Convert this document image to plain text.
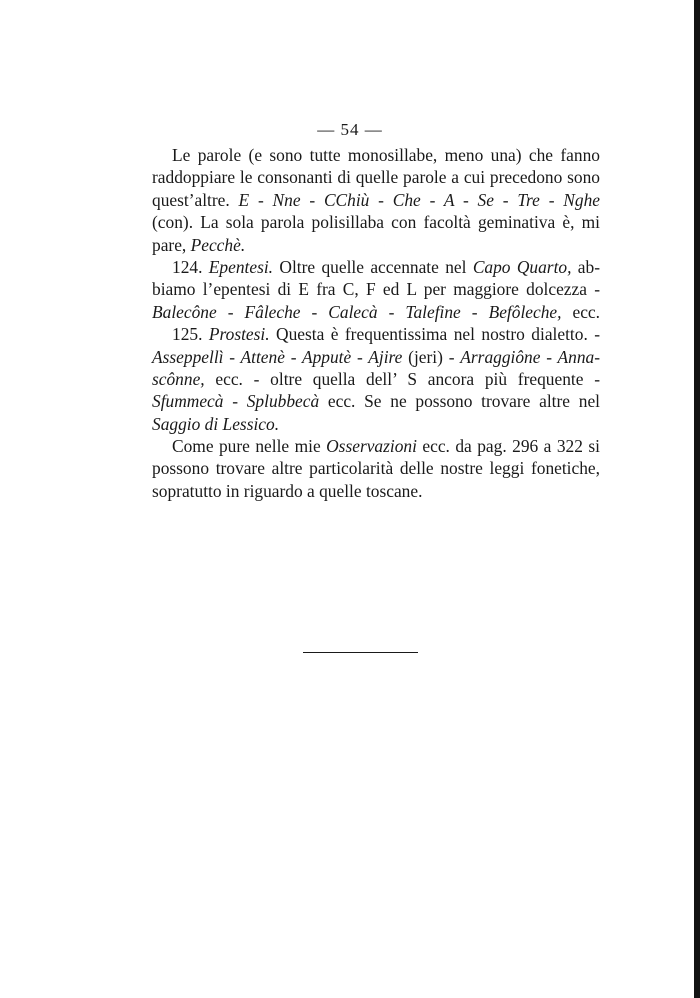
— 54 —
Le parole (e sono tutte monosillabe, meno una) che fanno
raddoppiare le consonanti di quelle parole a cui precedono sono
quest’altre. E - Nne - CChiù - Che - A - Se - Tre - Nghe
(con). La sola parola polisillaba con facoltà geminativa è, mi
pare, Pecchè.
124. Epentesi. Oltre quelle accennate nel Capo Quarto, ab-
biamo l’epentesi di E fra C, F ed L per maggiore dolcezza -
Balecône - Fâleche - Calecà - Talefine - Befôleche, ecc.
125. Prostesi. Questa è frequentissima nel nostro dialetto. -
Asseppellì - Attenè - Apputè - Ajire (jeri) - Arraggiône - Anna-
scônne, ecc. - oltre quella dell’ S ancora più frequente -
Sfummecà - Splubbecà ecc. Se ne possono trovare altre nel
Saggio di Lessico.
Come pure nelle mie Osservazioni ecc. da pag. 296 a 322 si
possono trovare altre particolarità delle nostre leggi fonetiche,
sopratutto in riguardo a quelle toscane.
